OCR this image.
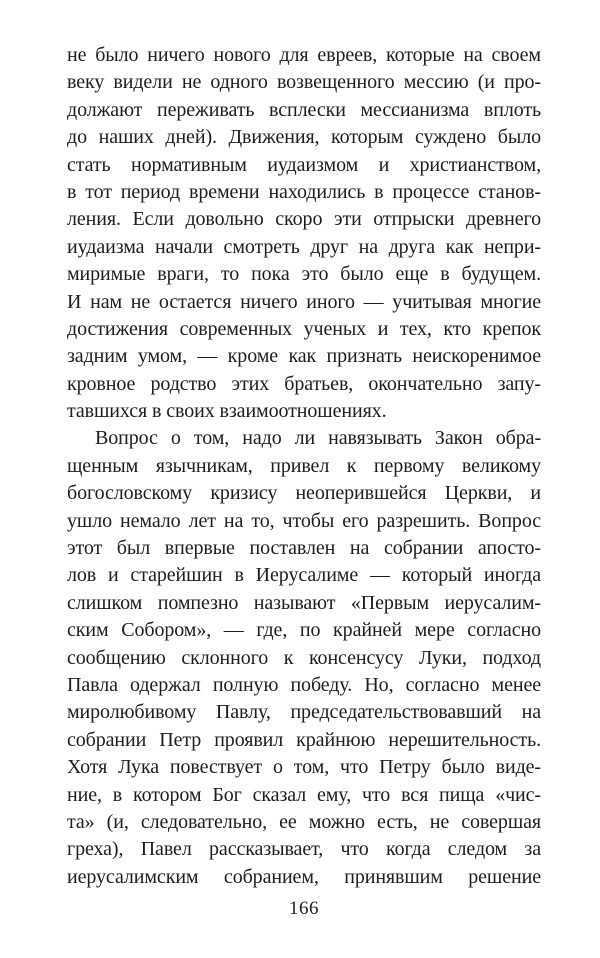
не было ничего нового для евреев, которые на своем
веку видели не одного возвещенного мессию (и про-
должают переживать всплески мессианизма вплоть
до наших дней). Движения, которым суждено было
стать нормативным иудаизмом и христианством,
в тот период времени находились в процессе станов-
ления. Если довольно скоро эти отпрыски древнего
иудаизма начали смотреть друг на друга как непри-
миримые враги, то пока это было еще в будущем.
И нам не остается ничего иного — учитывая многие
достижения современных ученых и тех, кто крепок
задним умом, — кроме как признать неискоренимое
кровное родство этих братьев, окончательно запу-
тавшихся в своих взаимоотношениях.
Вопрос о том, надо ли навязывать Закон обра-
щенным язычникам, привел к первому великому
богословскому кризису неоперившейся Церкви, и
ушло немало лет на то, чтобы его разрешить. Вопрос
этот был впервые поставлен на собрании апосто-
лов и старейшин в Иерусалиме — который иногда
слишком помпезно называют «Первым иерусалим-
ским Собором», — где, по крайней мере согласно
сообщению склонного к консенсусу Луки, подход
Павла одержал полную победу. Но, согласно менее
миролюбивому Павлу, председательствовавший на
собрании Петр проявил крайнюю нерешительность.
Хотя Лука повествует о том, что Петру было виде-
ние, в котором Бог сказал ему, что вся пища «чис-
та» (и, следовательно, ее можно есть, не совершая
греха), Павел рассказывает, что когда следом за
иерусалимским собранием, принявшим решение
166
